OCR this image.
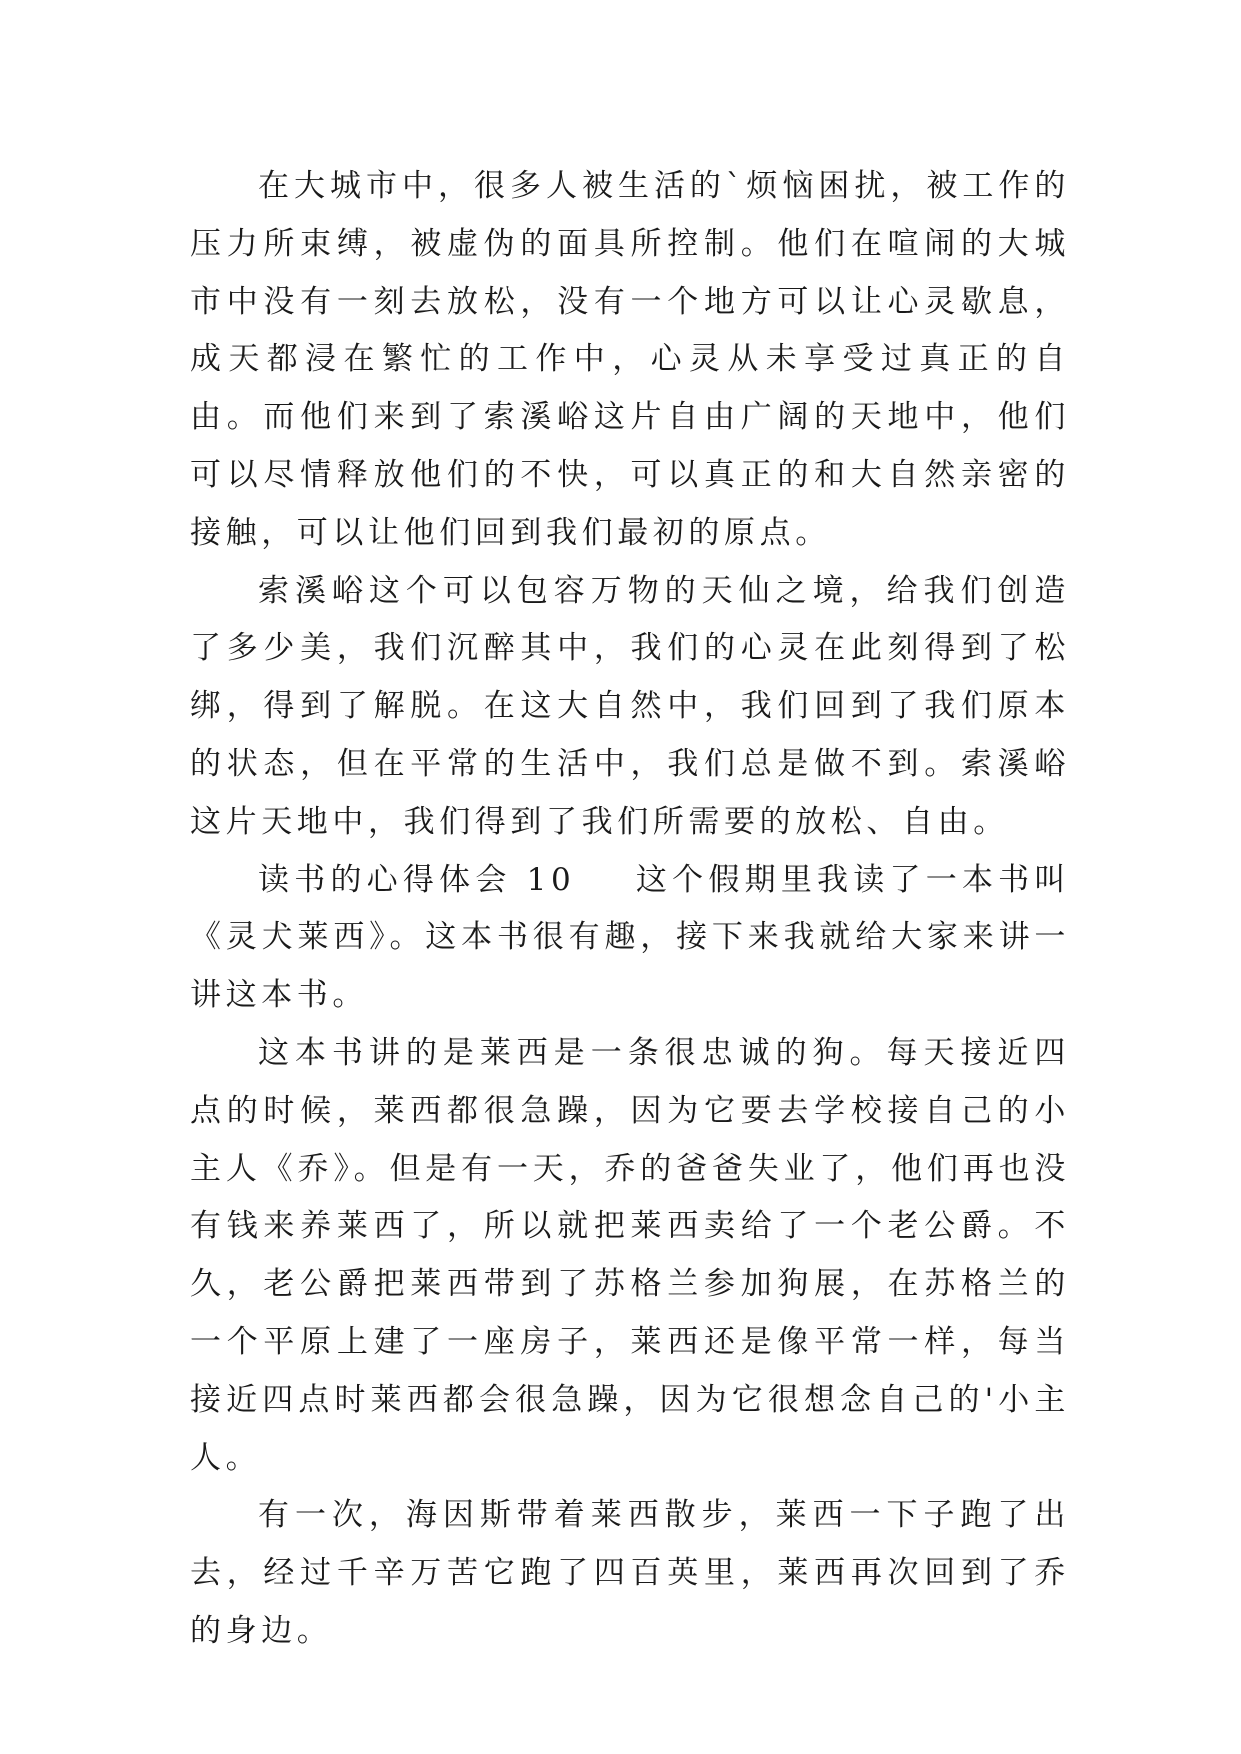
在大城市中，很多人被生活的`烦恼困扰，被工作的压力所束缚，被虚伪的面具所控制。他们在喧闹的大城市中没有一刻去放松，没有一个地方可以让心灵歇息，成天都浸在繁忙的工作中，心灵从未享受过真正的自由。而他们来到了索溪峪这片自由广阔的天地中，他们可以尽情释放他们的不快，可以真正的和大自然亲密的接触，可以让他们回到我们最初的原点。

索溪峪这个可以包容万物的天仙之境，给我们创造了多少美，我们沉醉其中，我们的心灵在此刻得到了松绑，得到了解脱。在这大自然中，我们回到了我们原本的状态，但在平常的生活中，我们总是做不到。索溪峪这片天地中，我们得到了我们所需要的放松、自由。

读书的心得体会 10 这个假期里我读了一本书叫《灵犬莱西》。这本书很有趣，接下来我就给大家来讲一讲这本书。

这本书讲的是莱西是一条很忠诚的狗。每天接近四点的时候，莱西都很急躁，因为它要去学校接自己的小主人《乔》。但是有一天，乔的爸爸失业了，他们再也没有钱来养莱西了，所以就把莱西卖给了一个老公爵。不久，老公爵把莱西带到了苏格兰参加狗展，在苏格兰的一个平原上建了一座房子，莱西还是像平常一样，每当接近四点时莱西都会很急躁，因为它很想念自己的'小主人。

有一次，海因斯带着莱西散步，莱西一下子跑了出去，经过千辛万苦它跑了四百英里，莱西再次回到了乔的身边。
